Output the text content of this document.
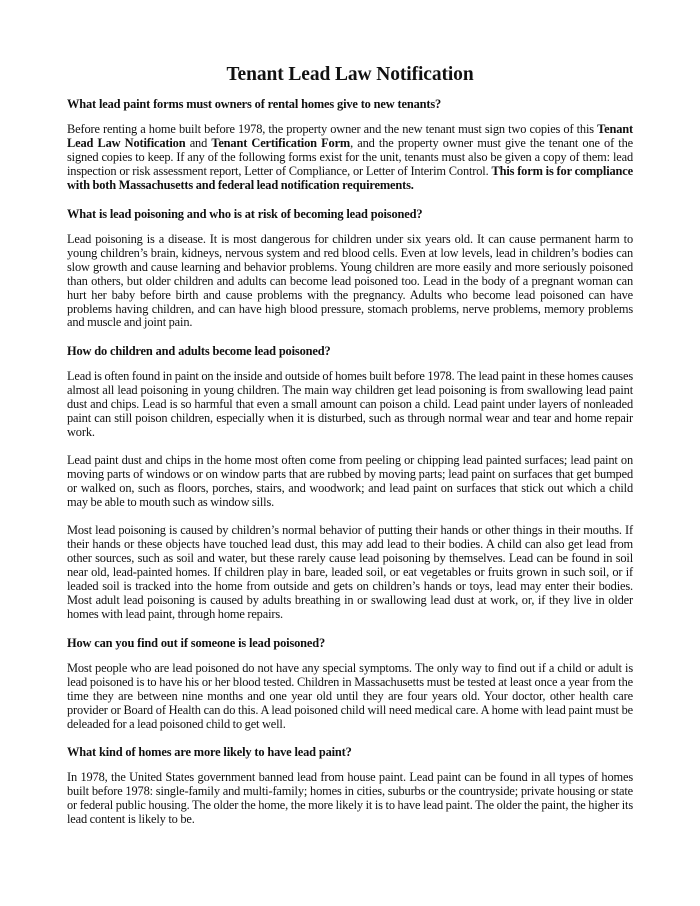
Tenant Lead Law Notification
What lead paint forms must owners of rental homes give to new tenants?

Before renting a home built before 1978, the property owner and the new tenant must sign two copies of this Tenant Lead Law Notification and Tenant Certification Form, and the property owner must give the tenant one of the signed copies to keep. If any of the following forms exist for the unit, tenants must also be given a copy of them: lead inspection or risk assessment report, Letter of Compliance, or Letter of Interim Control. This form is for compliance with both Massachusetts and federal lead notification requirements.

What is lead poisoning and who is at risk of becoming lead poisoned?

Lead poisoning is a disease. It is most dangerous for children under six years old. It can cause permanent harm to young children’s brain, kidneys, nervous system and red blood cells. Even at low levels, lead in children’s bodies can slow growth and cause learning and behavior problems. Young children are more easily and more seriously poisoned than others, but older children and adults can become lead poisoned too. Lead in the body of a pregnant woman can hurt her baby before birth and cause problems with the pregnancy. Adults who become lead poisoned can have problems having children, and can have high blood pressure, stomach problems, nerve problems, memory problems and muscle and joint pain.

How do children and adults become lead poisoned?

Lead is often found in paint on the inside and outside of homes built before 1978. The lead paint in these homes causes almost all lead poisoning in young children. The main way children get lead poisoning is from swallowing lead paint dust and chips. Lead is so harmful that even a small amount can poison a child. Lead paint under layers of nonleaded paint can still poison children, especially when it is disturbed, such as through normal wear and tear and home repair work.

Lead paint dust and chips in the home most often come from peeling or chipping lead painted surfaces; lead paint on moving parts of windows or on window parts that are rubbed by moving parts; lead paint on surfaces that get bumped or walked on, such as floors, porches, stairs, and woodwork; and lead paint on surfaces that stick out which a child may be able to mouth such as window sills.

Most lead poisoning is caused by children’s normal behavior of putting their hands or other things in their mouths. If their hands or these objects have touched lead dust, this may add lead to their bodies. A child can also get lead from other sources, such as soil and water, but these rarely cause lead poisoning by themselves. Lead can be found in soil near old, lead-painted homes. If children play in bare, leaded soil, or eat vegetables or fruits grown in such soil, or if leaded soil is tracked into the home from outside and gets on children’s hands or toys, lead may enter their bodies. Most adult lead poisoning is caused by adults breathing in or swallowing lead dust at work, or, if they live in older homes with lead paint, through home repairs.

How can you find out if someone is lead poisoned?

Most people who are lead poisoned do not have any special symptoms. The only way to find out if a child or adult is lead poisoned is to have his or her blood tested. Children in Massachusetts must be tested at least once a year from the time they are between nine months and one year old until they are four years old. Your doctor, other health care provider or Board of Health can do this. A lead poisoned child will need medical care. A home with lead paint must be deleaded for a lead poisoned child to get well.

What kind of homes are more likely to have lead paint?

In 1978, the United States government banned lead from house paint. Lead paint can be found in all types of homes built before 1978: single-family and multi-family; homes in cities, suburbs or the countryside; private housing or state or federal public housing. The older the home, the more likely it is to have lead paint. The older the paint, the higher its lead content is likely to be.
